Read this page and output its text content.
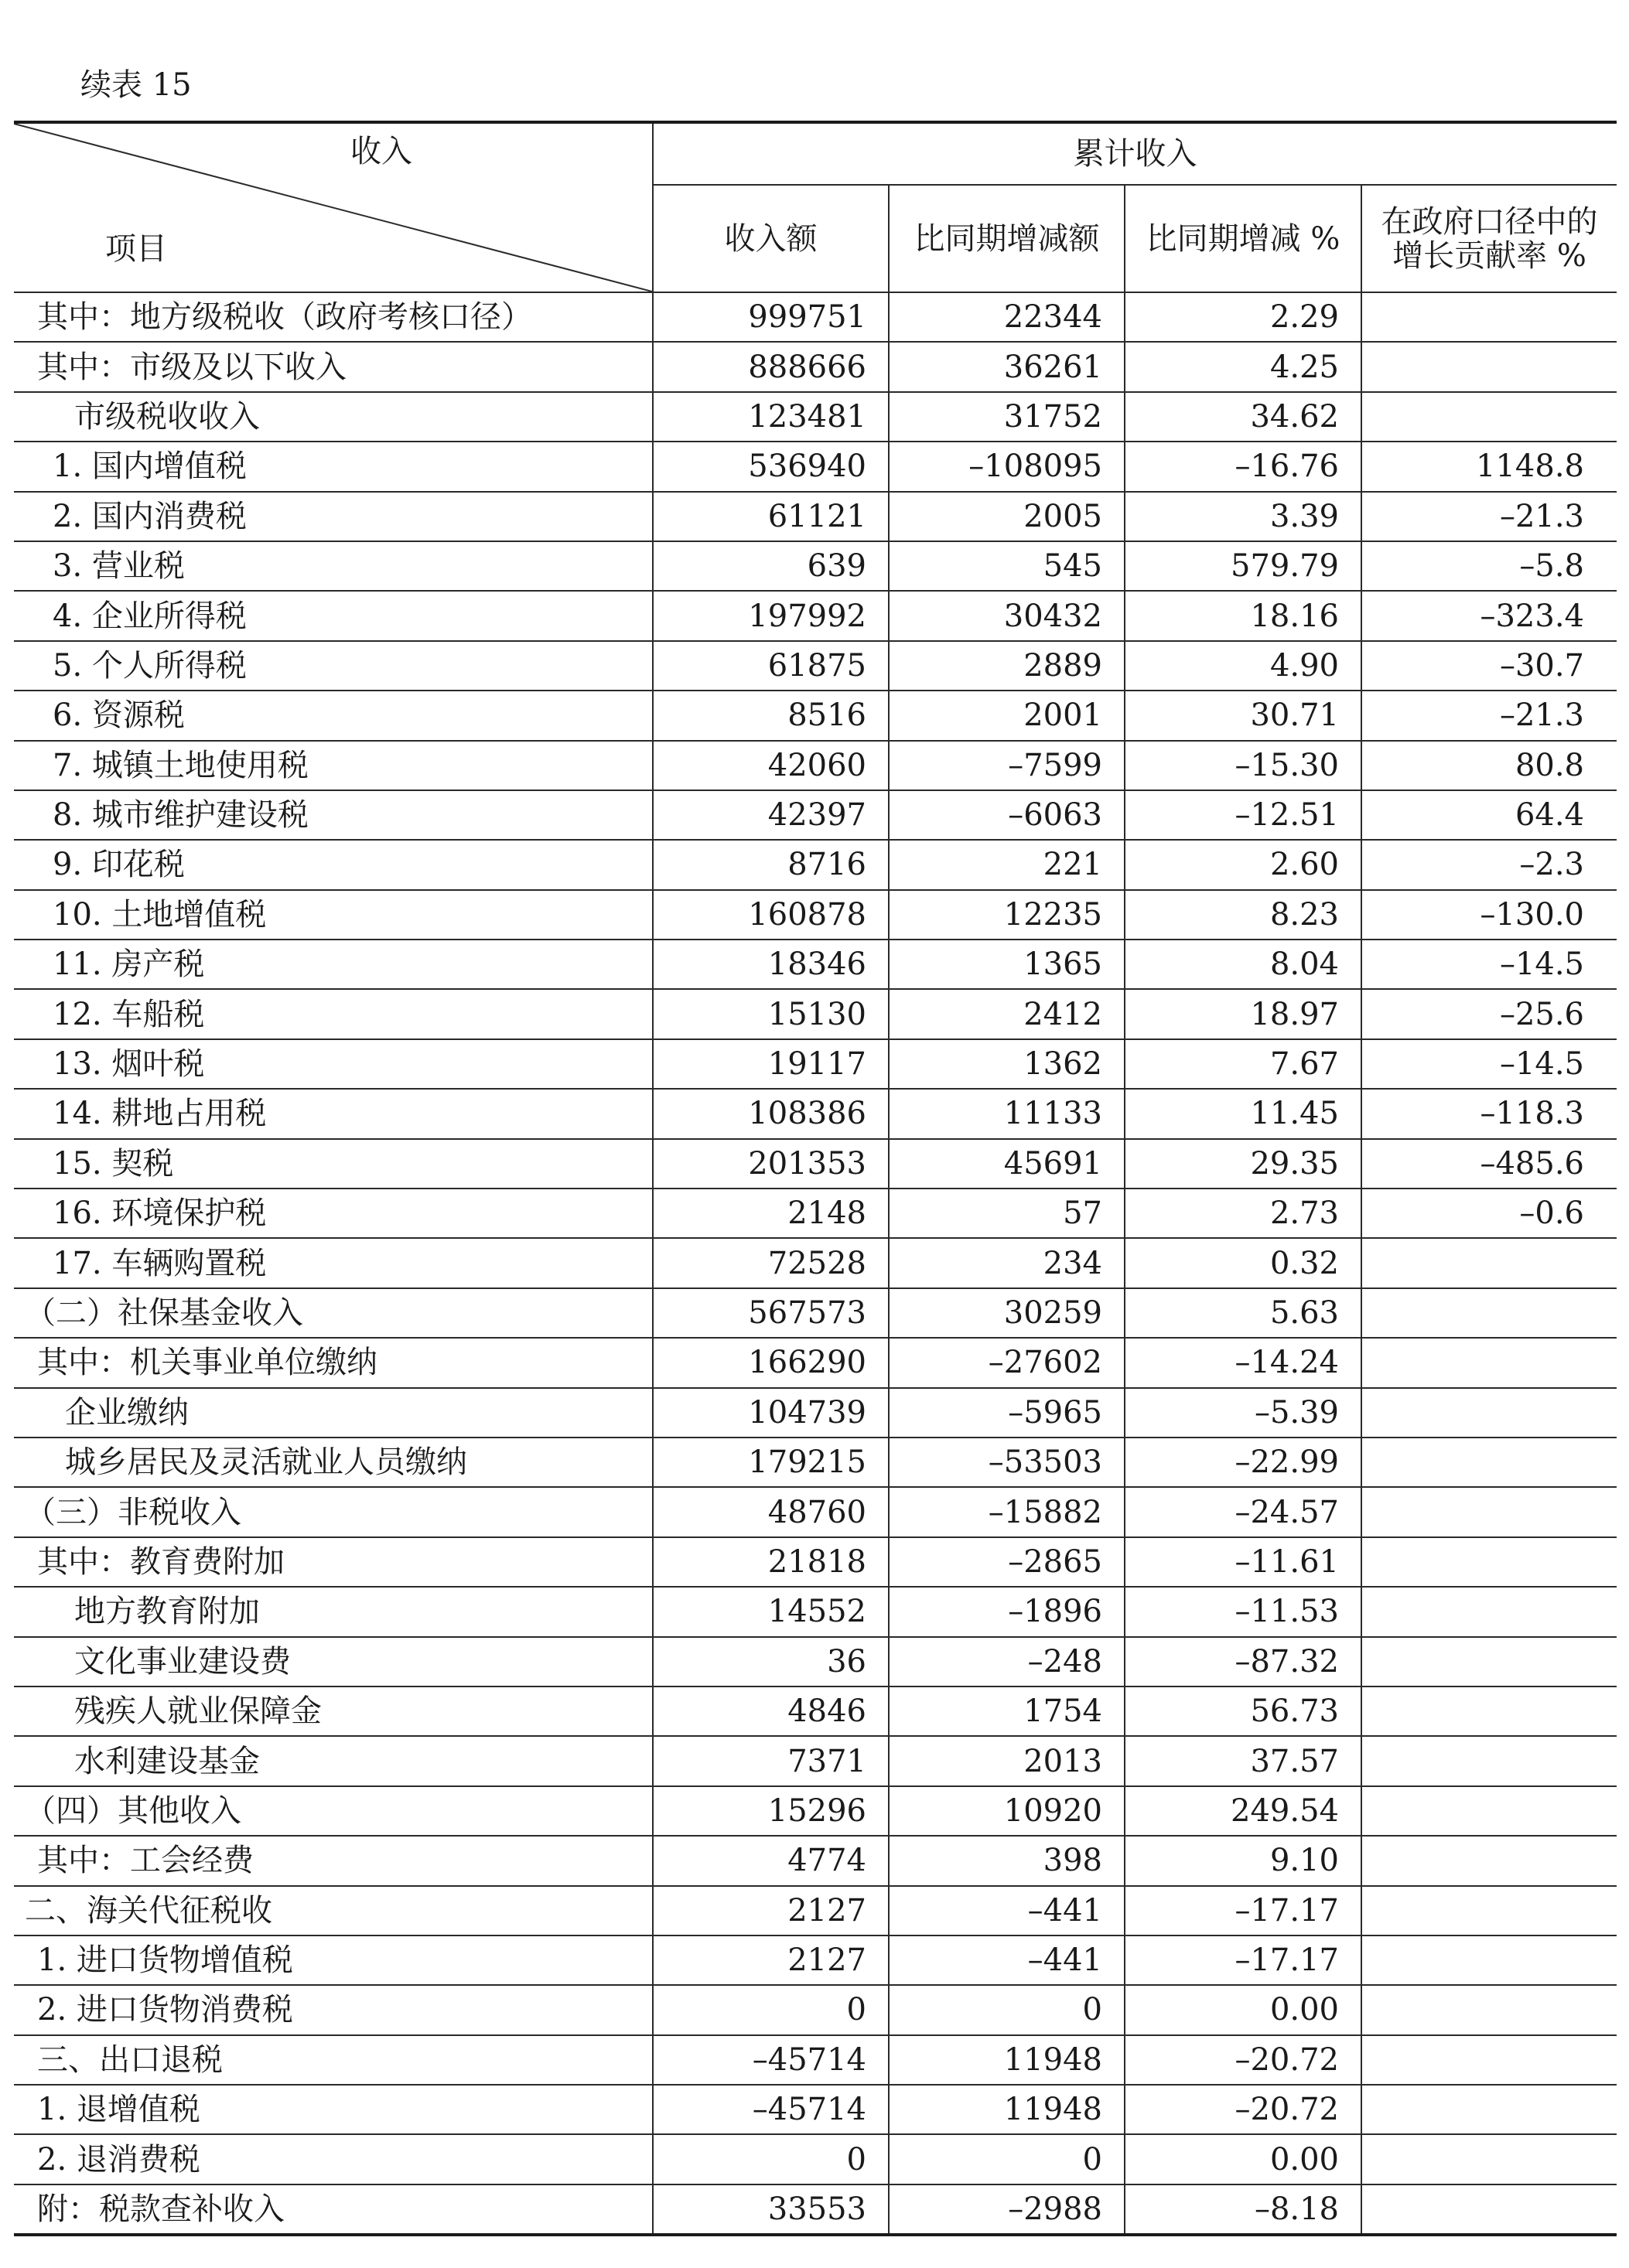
续表 15
收入
项目	累计收入			
	收入额	比同期增减额	比同期增减 %	在政府口径中的
增长贡献率 %
其中：地方级税收（政府考核口径）	999751	22344	2.29	
其中：市级及以下收入	888666	36261	4.25	
市级税收收入	123481	31752	34.62	
1. 国内增值税	536940	–108095	–16.76	1148.8
2. 国内消费税	61121	2005	3.39	–21.3
3. 营业税	639	545	579.79	–5.8
4. 企业所得税	197992	30432	18.16	–323.4
5. 个人所得税	61875	2889	4.90	–30.7
6. 资源税	8516	2001	30.71	–21.3
7. 城镇土地使用税	42060	–7599	–15.30	80.8
8. 城市维护建设税	42397	–6063	–12.51	64.4
9. 印花税	8716	221	2.60	–2.3
10. 土地增值税	160878	12235	8.23	–130.0
11. 房产税	18346	1365	8.04	–14.5
12. 车船税	15130	2412	18.97	–25.6
13. 烟叶税	19117	1362	7.67	–14.5
14. 耕地占用税	108386	11133	11.45	–118.3
15. 契税	201353	45691	29.35	–485.6
16. 环境保护税	2148	57	2.73	–0.6
17. 车辆购置税	72528	234	0.32	
（二）社保基金收入	567573	30259	5.63	
其中：机关事业单位缴纳	166290	–27602	–14.24	
企业缴纳	104739	–5965	–5.39	
城乡居民及灵活就业人员缴纳	179215	–53503	–22.99	
（三）非税收入	48760	–15882	–24.57	
其中：教育费附加	21818	–2865	–11.61	
地方教育附加	14552	–1896	–11.53	
文化事业建设费	36	–248	–87.32	
残疾人就业保障金	4846	1754	56.73	
水利建设基金	7371	2013	37.57	
（四）其他收入	15296	10920	249.54	
其中：工会经费	4774	398	9.10	
二、海关代征税收	2127	–441	–17.17	
1. 进口货物增值税	2127	–441	–17.17	
2. 进口货物消费税	0	0	0.00	
三、出口退税	–45714	11948	–20.72	
1. 退增值税	–45714	11948	–20.72	
2. 退消费税	0	0	0.00	
附：税款查补收入	33553	–2988	–8.18	
